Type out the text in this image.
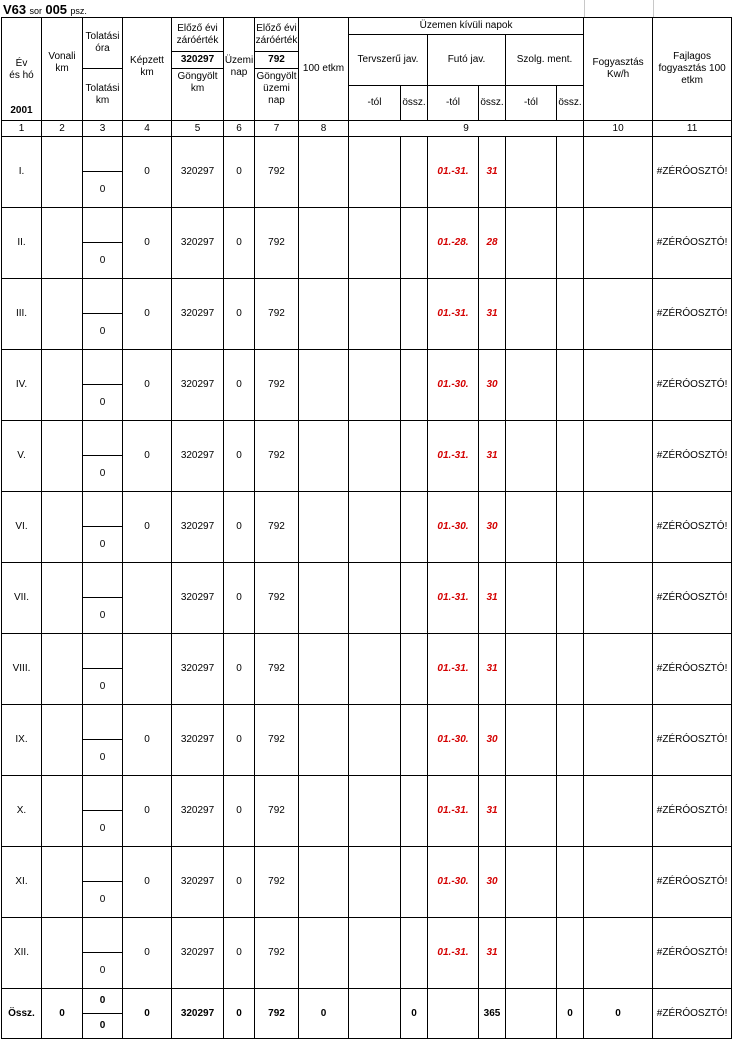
V63 sor 005 psz.
Év
és hó	Vonali km	Tolatási óra	Képzett km	Előző évi záróérték	Üzemi nap	Előző évi záróérték	100 etkm	Üzemen kívüli napok						Fogyasztás Kw/h	Fajlagos fogyasztás 100 etkm
								Tervszerű jav.		Futó jav.		Szolg. ment.			
				320297		792									
		Tolatási km		Göngyölt km		Göngyölt üzemi nap									
								-tól	össz.	-tól	össz.	-tól	össz.		
2001															
1	2	3	4	5	6	7	8	9						10	11
I.			0	320297	0	792				01.-31.	31				#ZÉRÓOSZTÓ!
		0													
II.			0	320297	0	792				01.-28.	28				#ZÉRÓOSZTÓ!
		0													
III.			0	320297	0	792				01.-31.	31				#ZÉRÓOSZTÓ!
		0													
IV.			0	320297	0	792				01.-30.	30				#ZÉRÓOSZTÓ!
		0													
V.			0	320297	0	792				01.-31.	31				#ZÉRÓOSZTÓ!
		0													
VI.			0	320297	0	792				01.-30.	30				#ZÉRÓOSZTÓ!
		0													
VII.				320297	0	792				01.-31.	31				#ZÉRÓOSZTÓ!
		0													
VIII.				320297	0	792				01.-31.	31				#ZÉRÓOSZTÓ!
		0													
IX.			0	320297	0	792				01.-30.	30				#ZÉRÓOSZTÓ!
		0													
X.			0	320297	0	792				01.-31.	31				#ZÉRÓOSZTÓ!
		0													
XI.			0	320297	0	792				01.-30.	30				#ZÉRÓOSZTÓ!
		0													
XII.			0	320297	0	792				01.-31.	31				#ZÉRÓOSZTÓ!
		0													
Össz.	0	0	0	320297	0	792	0		0		365		0	0	#ZÉRÓOSZTÓ!
		0													
